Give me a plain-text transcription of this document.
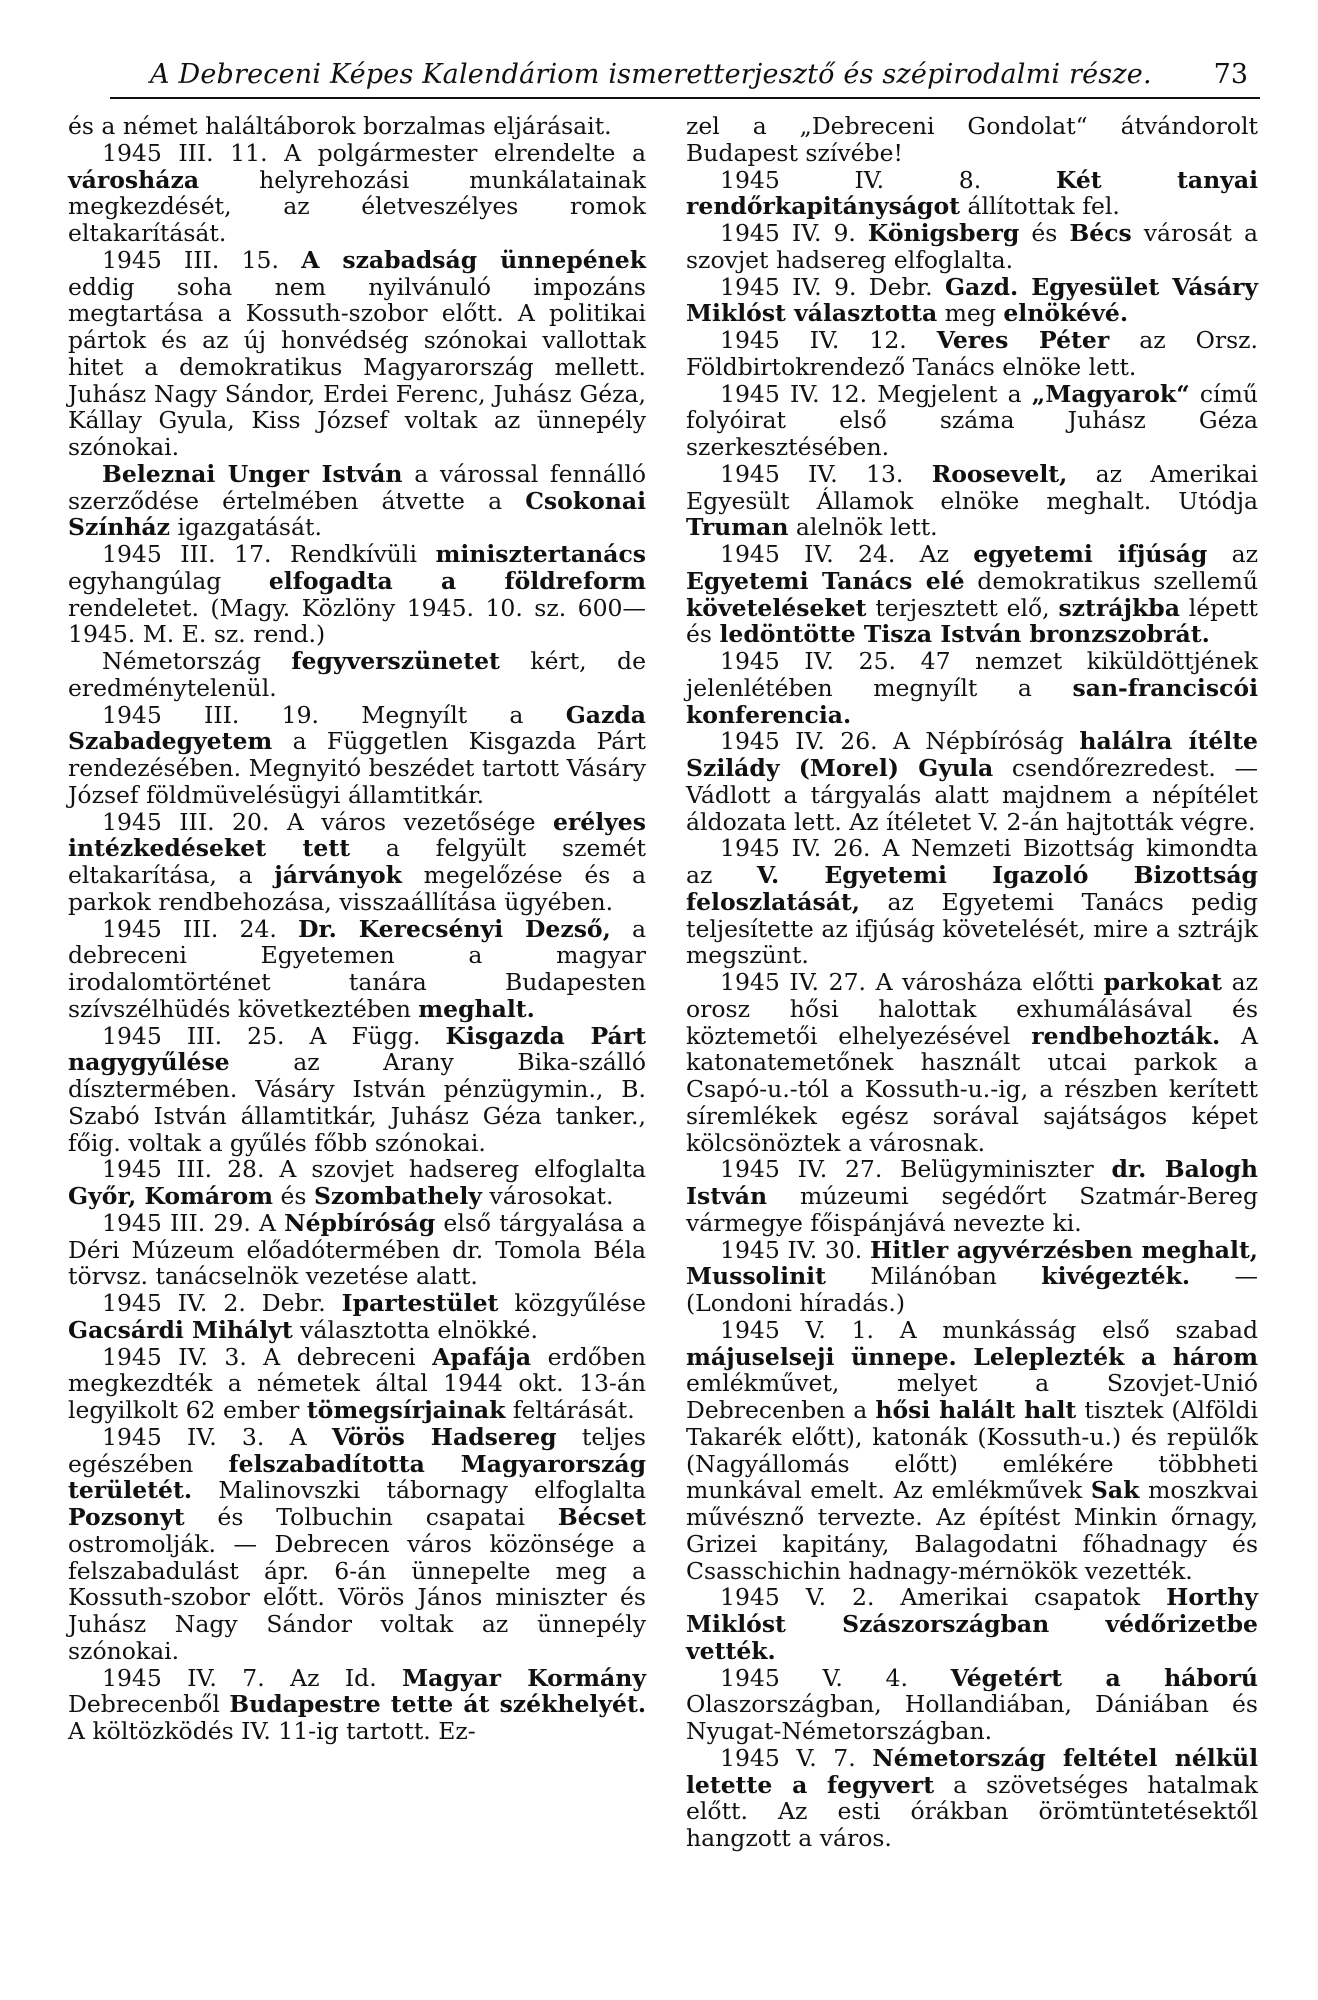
A Debreceni Képes Kalendáriom ismeretterjesztő és szépirodalmi része. 73

és a német haláltáborok borzalmas eljárásait.

1945 III. 11. A polgármester elrendelte a városháza helyrehozási munkálatainak megkezdését, az életveszélyes romok eltakarítását.

1945 III. 15. A szabadság ünnepének eddig soha nem nyilvánuló impozáns megtartása a Kossuth-szobor előtt. A politikai pártok és az új honvédség szónokai vallottak hitet a demokratikus Magyarország mellett. Juhász Nagy Sándor, Erdei Ferenc, Juhász Géza, Kállay Gyula, Kiss József voltak az ünnepély szónokai.

Beleznai Unger István a várossal fennálló szerződése értelmében átvette a Csokonai Színház igazgatását.

1945 III. 17. Rendkívüli minisztertanács egyhangúlag elfogadta a földreform rendeletet. (Magy. Közlöny 1945. 10. sz. 600—1945. M. E. sz. rend.)

Németország fegyverszünetet kért, de eredménytelenül.

1945 III. 19. Megnyílt a Gazda Szabadegyetem a Független Kisgazda Párt rendezésében. Megnyitó beszédet tartott Vásáry József földmüvelésügyi államtitkár.

1945 III. 20. A város vezetősége erélyes intézkedéseket tett a felgyült szemét eltakarítása, a járványok megelőzése és a parkok rendbehozása, visszaállítása ügyében.

1945 III. 24. Dr. Kerecsényi Dezső, a debreceni Egyetemen a magyar irodalomtörténet tanára Budapesten szívszélhüdés következtében meghalt.

1945 III. 25. A Függ. Kisgazda Párt nagygyűlése az Arany Bika-szálló dísztermében. Vásáry István pénzügymin., B. Szabó István államtitkár, Juhász Géza tanker., főig. voltak a gyűlés főbb szónokai.

1945 III. 28. A szovjet hadsereg elfoglalta Győr, Komárom és Szombathely városokat.

1945 III. 29. A Népbíróság első tárgyalása a Déri Múzeum előadótermében dr. Tomola Béla törvsz. tanácselnök vezetése alatt.

1945 IV. 2. Debr. Ipartestület közgyűlése Gacsárdi Mihályt választotta elnökké.

1945 IV. 3. A debreceni Apafája erdőben megkezdték a németek által 1944 okt. 13-án legyilkolt 62 ember tömegsírjainak feltárását.

1945 IV. 3. A Vörös Hadsereg teljes egészében felszabadította Magyarország területét. Malinovszki tábornagy elfoglalta Pozsonyt és Tolbuchin csapatai Bécset ostromolják. — Debrecen város közönsége a felszabadulást ápr. 6-án ünnepelte meg a Kossuth-szobor előtt. Vörös János miniszter és Juhász Nagy Sándor voltak az ünnepély szónokai.

1945 IV. 7. Az Id. Magyar Kormány Debrecenből Budapestre tette át székhelyét. A költözködés IV. 11-ig tartott. Ez-

zel a „Debreceni Gondolat“ átvándorolt Budapest szívébe!

1945 IV. 8. Két tanyai rendőrkapitányságot állítottak fel.

1945 IV. 9. Königsberg és Bécs városát a szovjet hadsereg elfoglalta.

1945 IV. 9. Debr. Gazd. Egyesület Vásáry Miklóst választotta meg elnökévé.

1945 IV. 12. Veres Péter az Orsz. Földbirtokrendező Tanács elnöke lett.

1945 IV. 12. Megjelent a „Magyarok“ című folyóirat első száma Juhász Géza szerkesztésében.

1945 IV. 13. Roosevelt, az Amerikai Egyesült Államok elnöke meghalt. Utódja Truman alelnök lett.

1945 IV. 24. Az egyetemi ifjúság az Egyetemi Tanács elé demokratikus szellemű követeléseket terjesztett elő, sztrájkba lépett és ledöntötte Tisza István bronzszobrát.

1945 IV. 25. 47 nemzet kiküldöttjének jelenlétében megnyílt a san-franciscói konferencia.

1945 IV. 26. A Népbíróság halálra ítélte Szilády (Morel) Gyula csendőrezredest. — Vádlott a tárgyalás alatt majdnem a népítélet áldozata lett. Az ítéletet V. 2-án hajtották végre.

1945 IV. 26. A Nemzeti Bizottság kimondta az V. Egyetemi Igazoló Bizottság feloszlatását, az Egyetemi Tanács pedig teljesítette az ifjúság követelését, mire a sztrájk megszünt.

1945 IV. 27. A városháza előtti parkokat az orosz hősi halottak exhumálásával és köztemetői elhelyezésével rendbehozták. A katonatemetőnek használt utcai parkok a Csapó-u.-tól a Kossuth-u.-ig, a részben kerített síremlékek egész sorával sajátságos képet kölcsönöztek a városnak.

1945 IV. 27. Belügyminiszter dr. Balogh István múzeumi segédőrt Szatmár-Bereg vármegye főispánjává nevezte ki.

1945 IV. 30. Hitler agyvérzésben meghalt, Mussolinit Milánóban kivégezték. — (Londoni híradás.)

1945 V. 1. A munkásság első szabad májuselseji ünnepe. Leleplezték a három emlékművet, melyet a Szovjet-Unió Debrecenben a hősi halált halt tisztek (Alföldi Takarék előtt), katonák (Kossuth-u.) és repülők (Nagyállomás előtt) emlékére többheti munkával emelt. Az emlékművek Sak moszkvai művésznő tervezte. Az építést Minkin őrnagy, Grizei kapitány, Balagodatni főhadnagy és Csasschichin hadnagy-mérnökök vezették.

1945 V. 2. Amerikai csapatok Horthy Miklóst Szászországban védőrizetbe vették.

1945 V. 4. Végetért a háború Olaszországban, Hollandiában, Dániában és Nyugat-Németországban.

1945 V. 7. Németország feltétel nélkül letette a fegyvert a szövetséges hatalmak előtt. Az esti órákban örömtüntetésektől hangzott a város.
